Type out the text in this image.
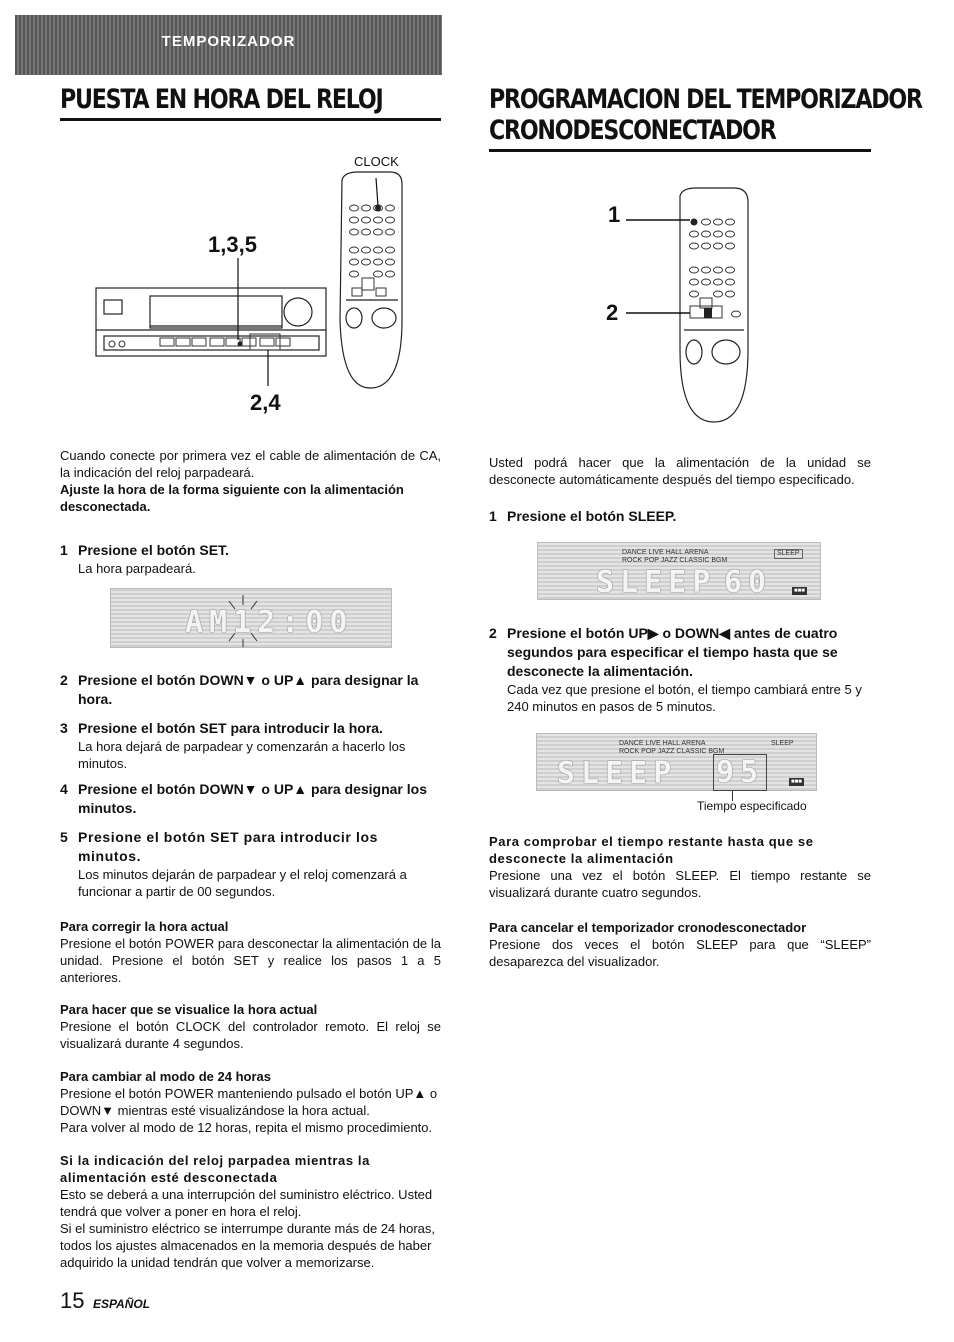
TEMPORIZADOR
PUESTA EN HORA DEL RELOJ	PROGRAMACION DEL TEMPORIZADOR
CRONODESCONECTADOR
CLOCK
1,3,5
2,4
1
2

Cuando conecte por primera vez el cable de alimentación de CA, la indicación del reloj parpadeará.

Ajuste la hora de la forma siguiente con la alimentación desconectada.

1 Presione el botón SET.

La hora parpadeará.

AM12:00
2 Presione el botón DOWN▼ o UP▲ para designar la hora.
3 Presione el botón SET para introducir la hora.

La hora dejará de parpadear y comenzarán a hacerlo los minutos.

4 Presione el botón DOWN▼ o UP▲ para designar los minutos.
5 Presione el botón SET para introducir los minutos.

Los minutos dejarán de parpadear y el reloj comenzará a funcionar a partir de 00 segundos.

Para corregir la hora actual

Presione el botón POWER para desconectar la alimentación de la unidad. Presione el botón SET y realice los pasos 1 a 5 anteriores.

Para hacer que se visualice la hora actual

Presione el botón CLOCK del controlador remoto. El reloj se visualizará durante 4 segundos.

Para cambiar al modo de 24 horas

Presione el botón POWER manteniendo pulsado el botón UP▲ o DOWN▼ mientras esté visualizándose la hora actual.

Para volver al modo de 12 horas, repita el mismo procedimiento.

Si la indicación del reloj parpadea mientras la alimentación esté desconectada

Esto se deberá a una interrupción del suministro eléctrico. Usted tendrá que volver a poner en hora el reloj.

Si el suministro eléctrico se interrumpe durante más de 24 horas, todos los ajustes almacenados en la memoria después de haber adquirido la unidad tendrán que volver a memorizarse.

Usted podrá hacer que la alimentación de la unidad se desconecte automáticamente después del tiempo especificado.

1 Presione el botón SLEEP.
DANCE LIVE HALL ARENA
ROCK POP JAZZ CLASSIC BGM
SLEEP
SLEEP 60	■■■
2 Presione el botón UP▶ o DOWN◀ antes de cuatro segundos para especificar el tiempo hasta que se desconecte la alimentación.

Cada vez que presione el botón, el tiempo cambiará entre 5 y 240 minutos en pasos de 5 minutos.

DANCE LIVE HALL ARENA
ROCK POP JAZZ CLASSIC BGM
SLEEP
SLEEP 95	■■■
Tiempo especificado
Para comprobar el tiempo restante hasta que se desconecte la alimentación

Presione una vez el botón SLEEP. El tiempo restante se visualizará durante cuatro segundos.

Para cancelar el temporizador cronodesconectador

Presione dos veces el botón SLEEP para que “SLEEP” desaparezca del visualizador.

15 ESPAÑOL
